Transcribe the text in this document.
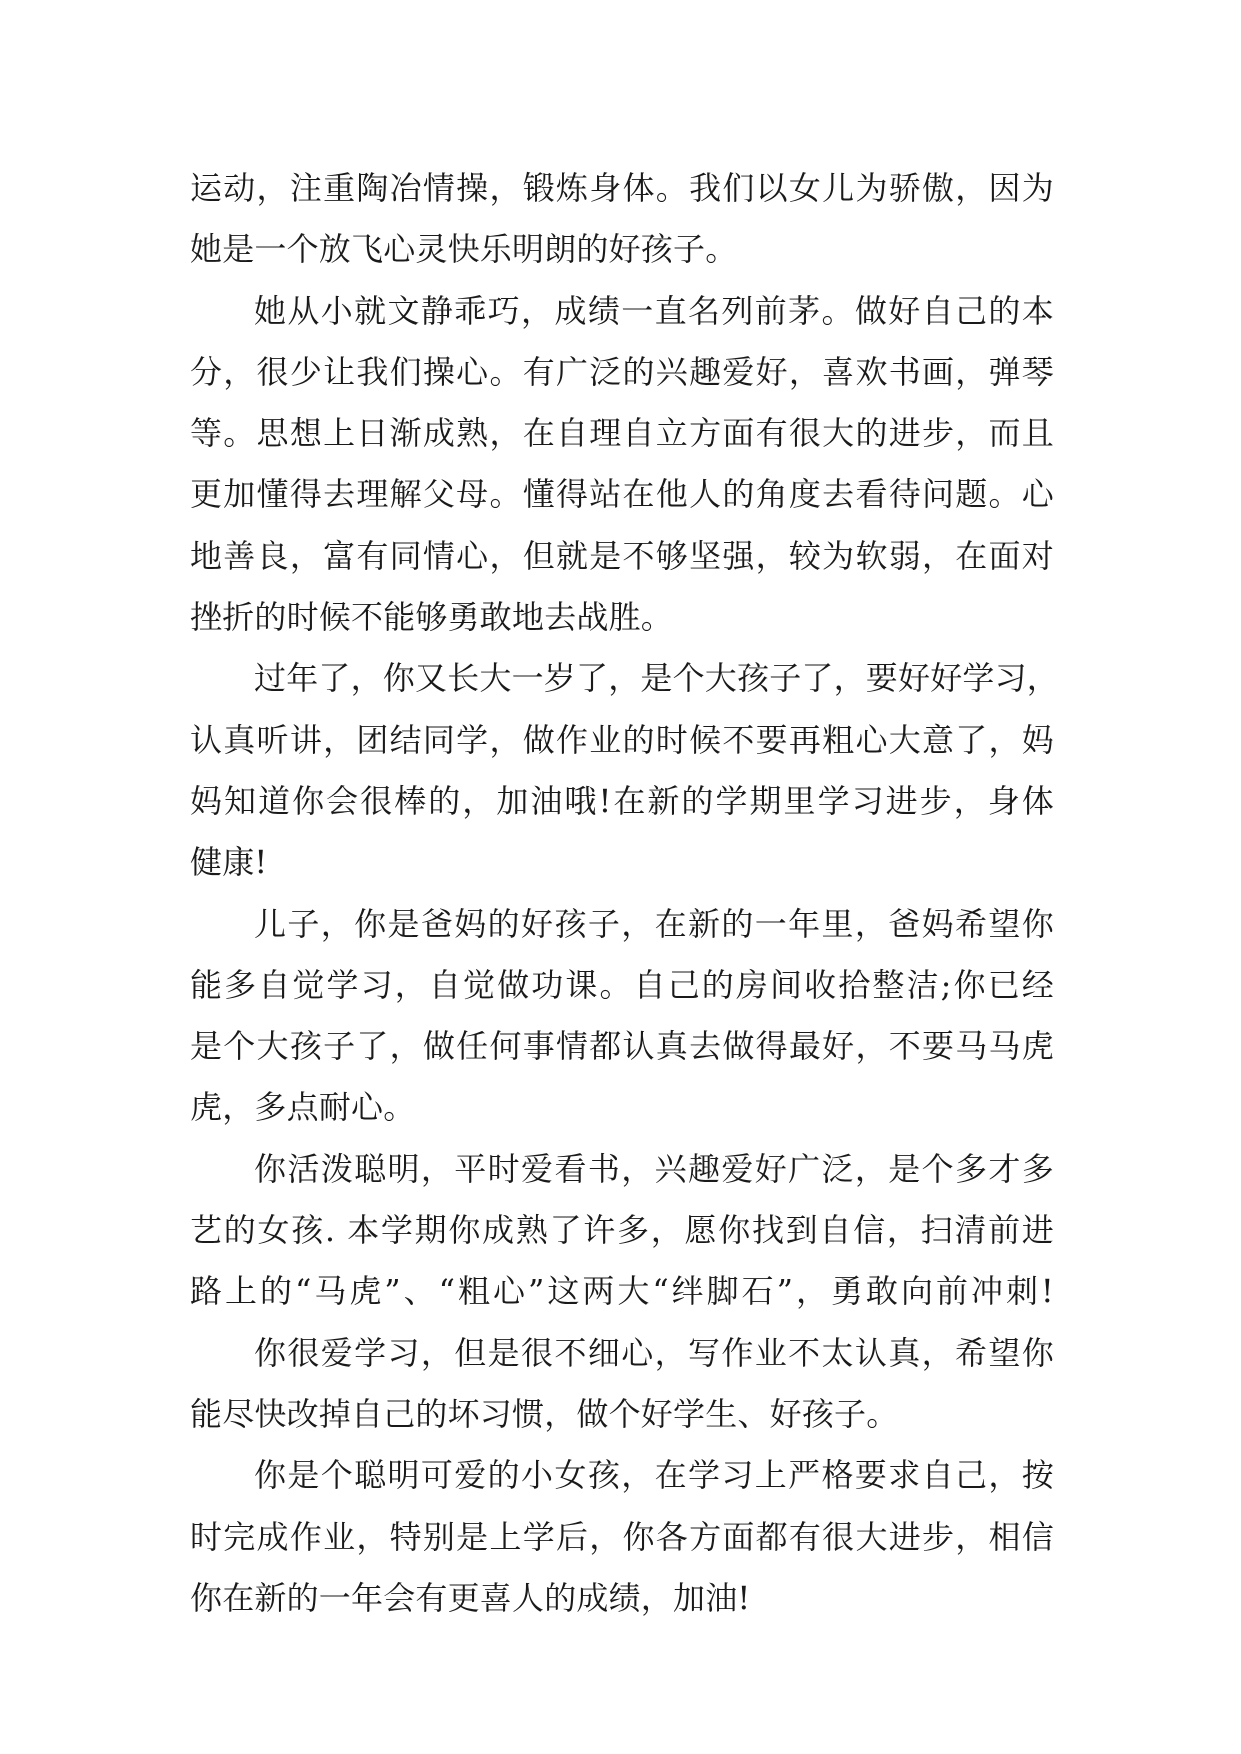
运动，注重陶冶情操，锻炼身体。我们以女儿为骄傲，因为
她是一个放飞心灵快乐明朗的好孩子。
她从小就文静乖巧，成绩一直名列前茅。做好自己的本
分，很少让我们操心。有广泛的兴趣爱好，喜欢书画，弹琴
等。思想上日渐成熟，在自理自立方面有很大的进步，而且
更加懂得去理解父母。懂得站在他人的角度去看待问题。心
地善良，富有同情心，但就是不够坚强，较为软弱，在面对
挫折的时候不能够勇敢地去战胜。
过年了，你又长大一岁了，是个大孩子了，要好好学习，
认真听讲，团结同学，做作业的时候不要再粗心大意了，妈
妈知道你会很棒的，加油哦!在新的学期里学习进步，身体
健康!
儿子，你是爸妈的好孩子，在新的一年里，爸妈希望你
能多自觉学习，自觉做功课。自己的房间收拾整洁;你已经
是个大孩子了，做任何事情都认真去做得最好，不要马马虎
虎，多点耐心。
你活泼聪明，平时爱看书，兴趣爱好广泛，是个多才多
艺的女孩. 本学期你成熟了许多，愿你找到自信，扫清前进
路上的“马虎”、“粗心”这两大“绊脚石”，勇敢向前冲刺!
你很爱学习，但是很不细心，写作业不太认真，希望你
能尽快改掉自己的坏习惯，做个好学生、好孩子。
你是个聪明可爱的小女孩，在学习上严格要求自己，按
时完成作业，特别是上学后，你各方面都有很大进步，相信
你在新的一年会有更喜人的成绩，加油!
